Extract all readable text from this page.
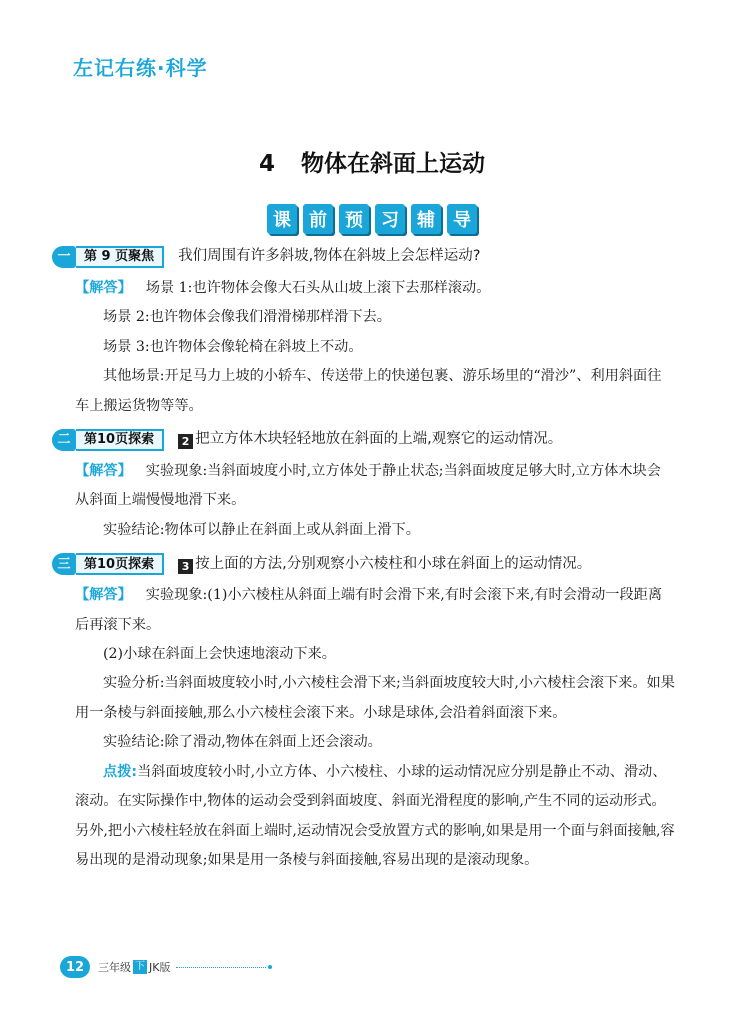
左记右练·科学
4 物体在斜面上运动
课	前	预	习	辅	导
一	第 9 页聚焦	我们周围有许多斜坡,物体在斜坡上会怎样运动?

【解答】 场景 1:也许物体会像大石头从山坡上滚下去那样滚动。

场景 2:也许物体会像我们滑滑梯那样滑下去。

场景 3:也许物体会像轮椅在斜坡上不动。

其他场景:开足马力上坡的小轿车、传送带上的快递包裹、游乐场里的“滑沙”、利用斜面往车上搬运货物等等。

二	第10页探索	2 把立方体木块轻轻地放在斜面的上端,观察它的运动情况。

【解答】 实验现象:当斜面坡度小时,立方体处于静止状态;当斜面坡度足够大时,立方体木块会从斜面上端慢慢地滑下来。

实验结论:物体可以静止在斜面上或从斜面上滑下。

三	第10页探索	3 按上面的方法,分别观察小六棱柱和小球在斜面上的运动情况。

【解答】 实验现象:(1)小六棱柱从斜面上端有时会滑下来,有时会滚下来,有时会滑动一段距离后再滚下来。

(2)小球在斜面上会快速地滚动下来。

实验分析:当斜面坡度较小时,小六棱柱会滑下来;当斜面坡度较大时,小六棱柱会滚下来。如果用一条棱与斜面接触,那么小六棱柱会滚下来。小球是球体,会沿着斜面滚下来。

实验结论:除了滑动,物体在斜面上还会滚动。

点拨:当斜面坡度较小时,小立方体、小六棱柱、小球的运动情况应分别是静止不动、滑动、滚动。在实际操作中,物体的运动会受到斜面坡度、斜面光滑程度的影响,产生不同的运动形式。另外,把小六棱柱轻放在斜面上端时,运动情况会受放置方式的影响,如果是用一个面与斜面接触,容易出现的是滑动现象;如果是用一条棱与斜面接触,容易出现的是滚动现象。

12	三年级 下 JK版
